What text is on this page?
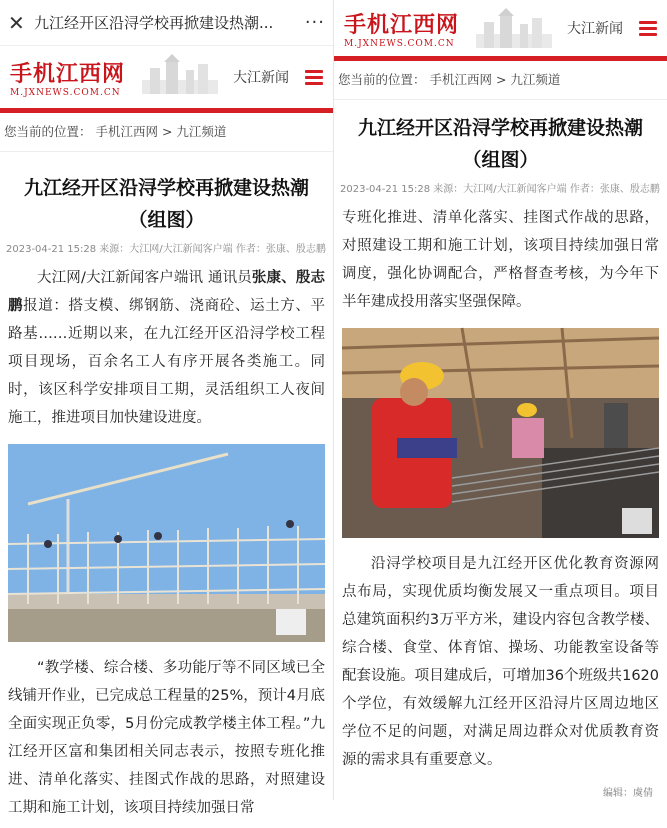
✕ 九江经开区沿浔学校再掀建设热潮...	···
手机江西网
M.JXNEWS.COM.CN
大江新闻
您当前的位置： 手机江西网 > 九江频道
九江经开区沿浔学校再掀建设热潮（组图）
2023-04-21 15:28 来源：大江网/大江新闻客户端 作者：张康、殷志鹏
大江网/大江新闻客户端讯 通讯员张康、殷志鹏报道：搭支模、绑钢筋、浇商砼、运土方、平路基……近期以来，在九江经开区沿浔学校工程项目现场，百余名工人有序开展各类施工。同时，该区科学安排项目工期，灵活组织工人夜间施工，推进项目加快建设进度。
“教学楼、综合楼、多功能厅等不同区域已全线铺开作业，已完成总工程量的25%，预计4月底全面实现正负零，5月份完成教学楼主体工程。”九江经开区富和集团相关同志表示，按照专班化推进、清单化落实、挂图式作战的思路，对照建设工期和施工计划，该项目持续加强日常
手机江西网
M.JXNEWS.COM.CN
大江新闻
您当前的位置： 手机江西网 > 九江频道
九江经开区沿浔学校再掀建设热潮（组图）
2023-04-21 15:28 来源：大江网/大江新闻客户端 作者：张康、殷志鹏
专班化推进、清单化落实、挂图式作战的思路，对照建设工期和施工计划，该项目持续加强日常调度，强化协调配合，严格督查考核，为今年下半年建成投用落实坚强保障。
沿浔学校项目是九江经开区优化教育资源网点布局，实现优质均衡发展又一重点项目。项目总建筑面积约3万平方米，建设内容包含教学楼、综合楼、食堂、体育馆、操场、功能教室设备等配套设施。项目建成后，可增加36个班级共1620个学位，有效缓解九江经开区沿浔片区周边地区学位不足的问题，对满足周边群众对优质教育资源的需求具有重要意义。
编辑：虞倩
